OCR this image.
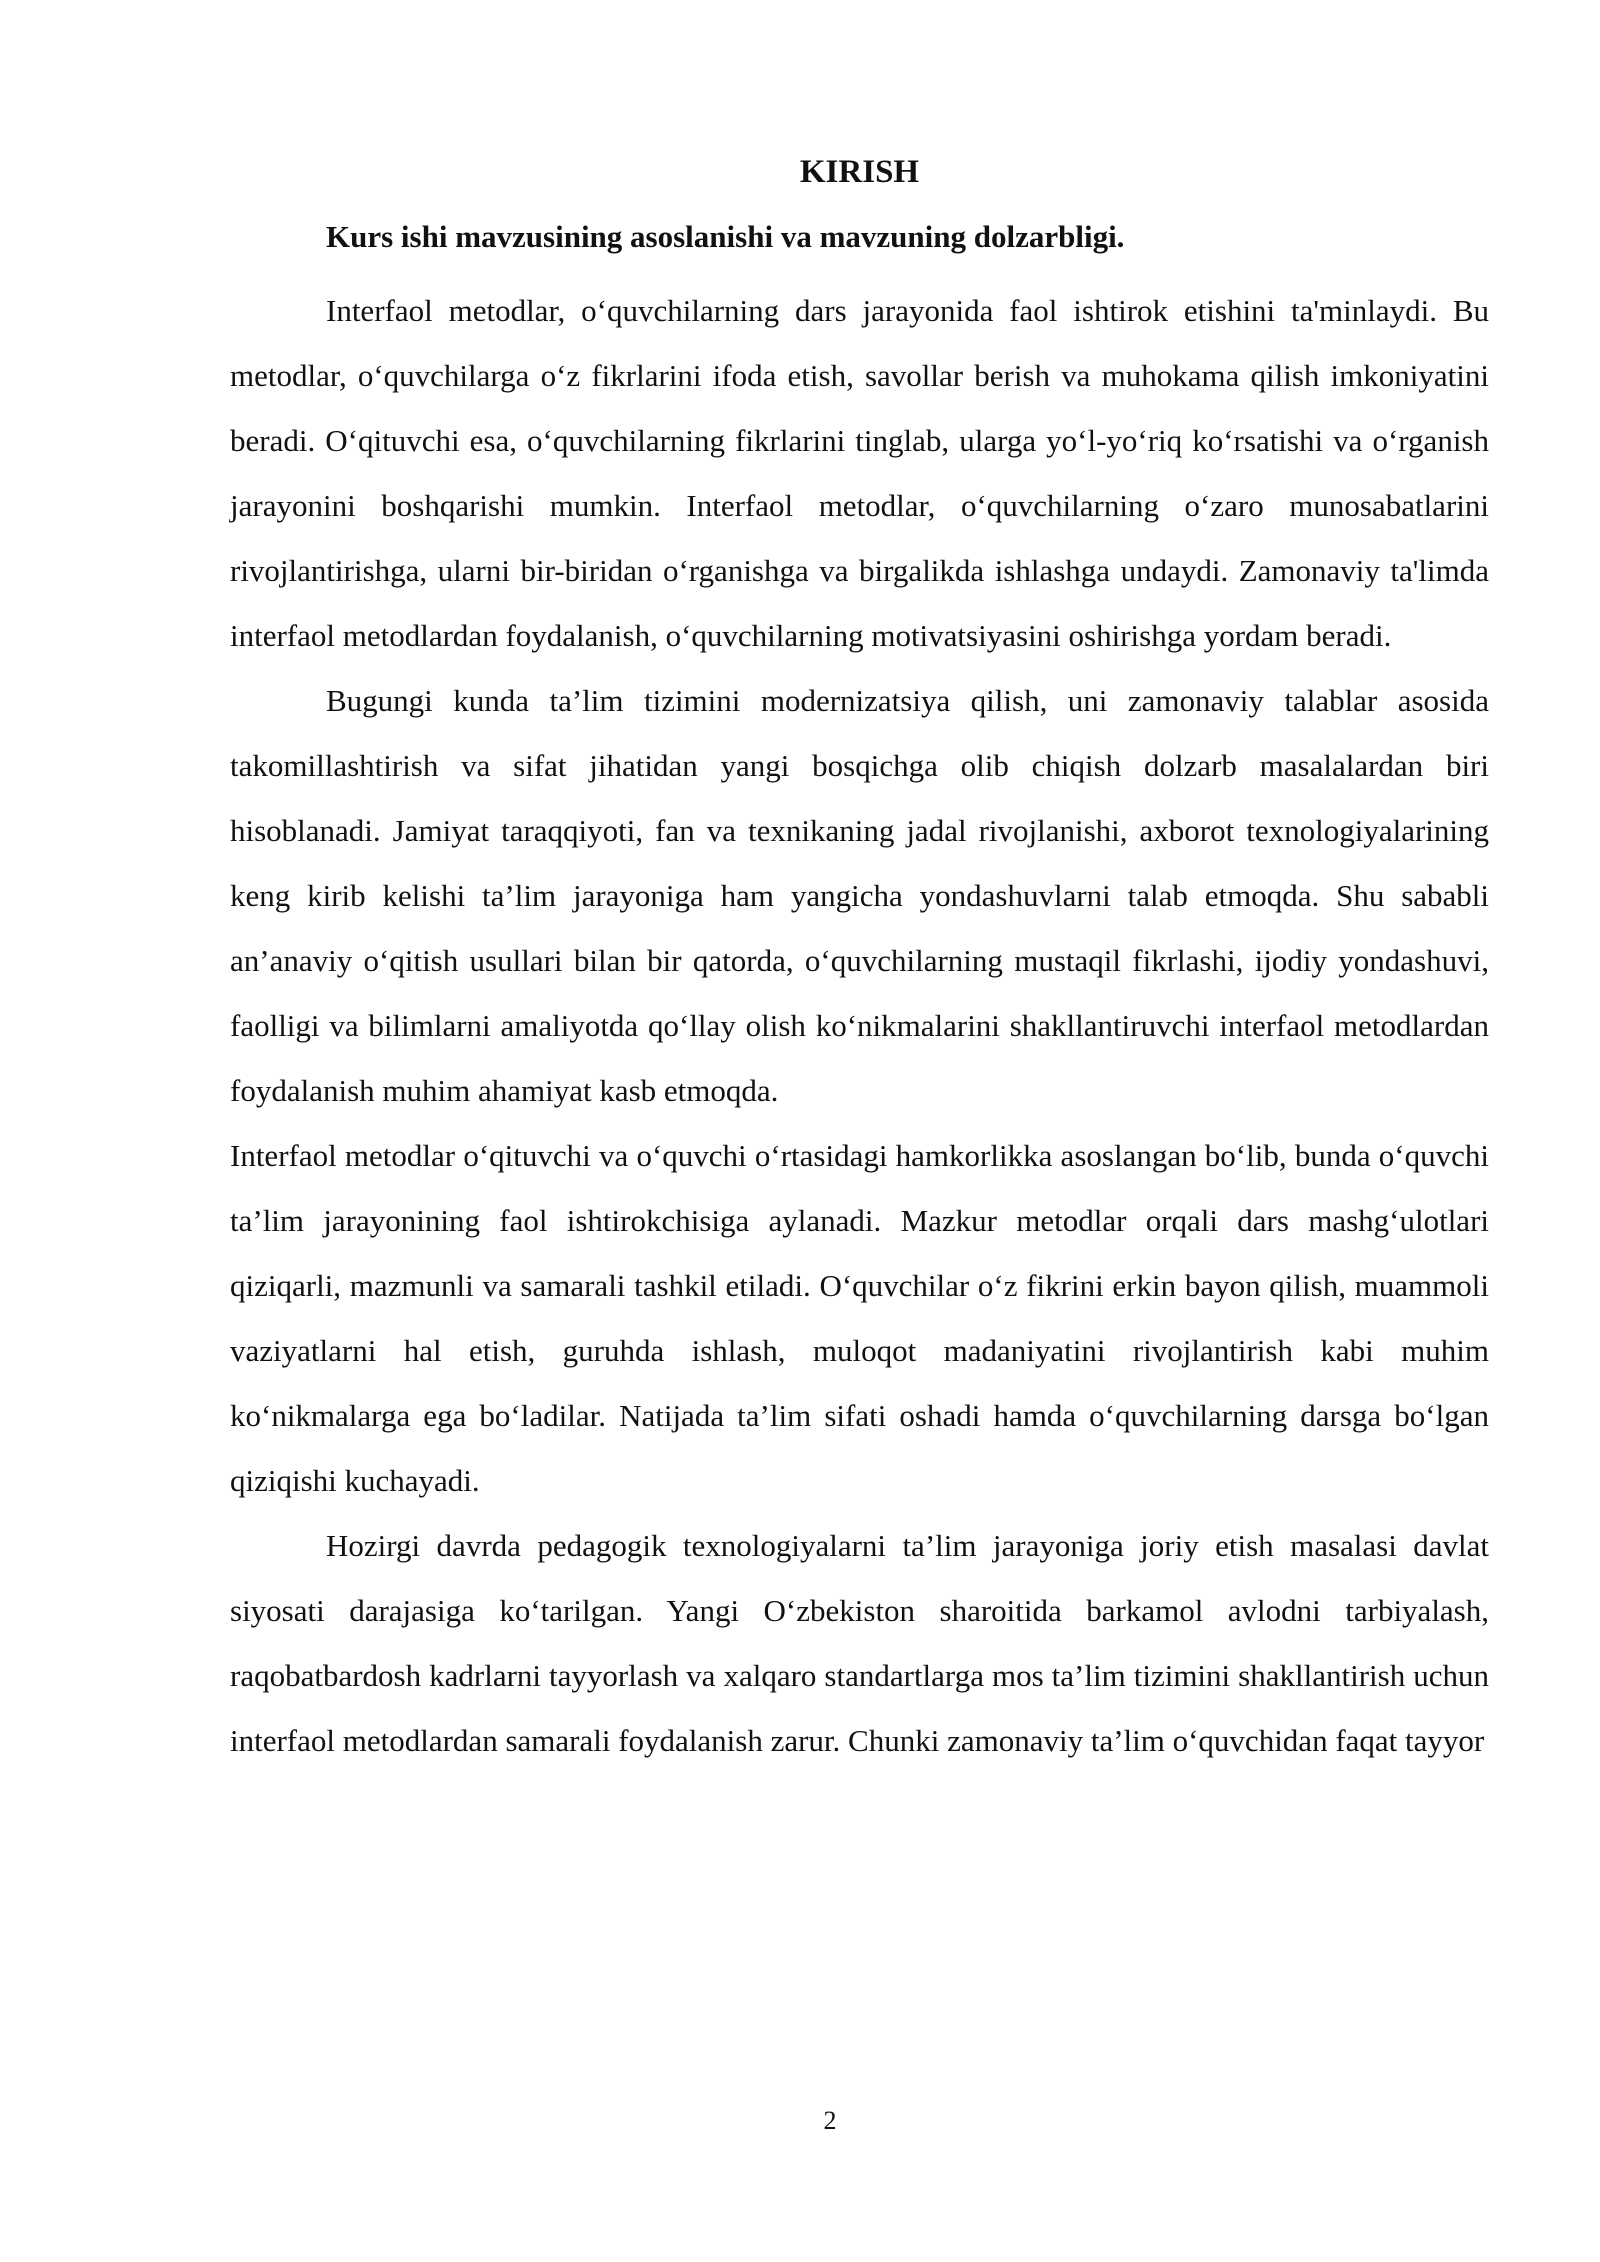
KIRISH
Kurs ishi mavzusining asoslanishi va mavzuning dolzarbligi.

Interfaol metodlar, o‘quvchilarning dars jarayonida faol ishtirok etishini ta'minlaydi. Bu metodlar, o‘quvchilarga o‘z fikrlarini ifoda etish, savollar berish va muhokama qilish imkoniyatini beradi. O‘qituvchi esa, o‘quvchilarning fikrlarini tinglab, ularga yo‘l-yo‘riq ko‘rsatishi va o‘rganish jarayonini boshqarishi mumkin. Interfaol metodlar, o‘quvchilarning o‘zaro munosabatlarini rivojlantirishga, ularni bir-biridan o‘rganishga va birgalikda ishlashga undaydi. Zamonaviy ta'limda interfaol metodlardan foydalanish, o‘quvchilarning motivatsiyasini oshirishga yordam beradi.

Bugungi kunda ta’lim tizimini modernizatsiya qilish, uni zamonaviy talablar asosida takomillashtirish va sifat jihatidan yangi bosqichga olib chiqish dolzarb masalalardan biri hisoblanadi. Jamiyat taraqqiyoti, fan va texnikaning jadal rivojlanishi, axborot texnologiyalarining keng kirib kelishi ta’lim jarayoniga ham yangicha yondashuvlarni talab etmoqda. Shu sababli an’anaviy o‘qitish usullari bilan bir qatorda, o‘quvchilarning mustaqil fikrlashi, ijodiy yondashuvi, faolligi va bilimlarni amaliyotda qo‘llay olish ko‘nikmalarini shakllantiruvchi interfaol metodlardan foydalanish muhim ahamiyat kasb etmoqda.

Interfaol metodlar o‘qituvchi va o‘quvchi o‘rtasidagi hamkorlikka asoslangan bo‘lib, bunda o‘quvchi ta’lim jarayonining faol ishtirokchisiga aylanadi. Mazkur metodlar orqali dars mashg‘ulotlari qiziqarli, mazmunli va samarali tashkil etiladi. O‘quvchilar o‘z fikrini erkin bayon qilish, muammoli vaziyatlarni hal etish, guruhda ishlash, muloqot madaniyatini rivojlantirish kabi muhim ko‘nikmalarga ega bo‘ladilar. Natijada ta’lim sifati oshadi hamda o‘quvchilarning darsga bo‘lgan qiziqishi kuchayadi.

Hozirgi davrda pedagogik texnologiyalarni ta’lim jarayoniga joriy etish masalasi davlat siyosati darajasiga ko‘tarilgan. Yangi O‘zbekiston sharoitida barkamol avlodni tarbiyalash, raqobatbardosh kadrlarni tayyorlash va xalqaro standartlarga mos ta’lim tizimini shakllantirish uchun interfaol metodlardan samarali foydalanish zarur. Chunki zamonaviy ta’lim o‘quvchidan faqat tayyor

2
